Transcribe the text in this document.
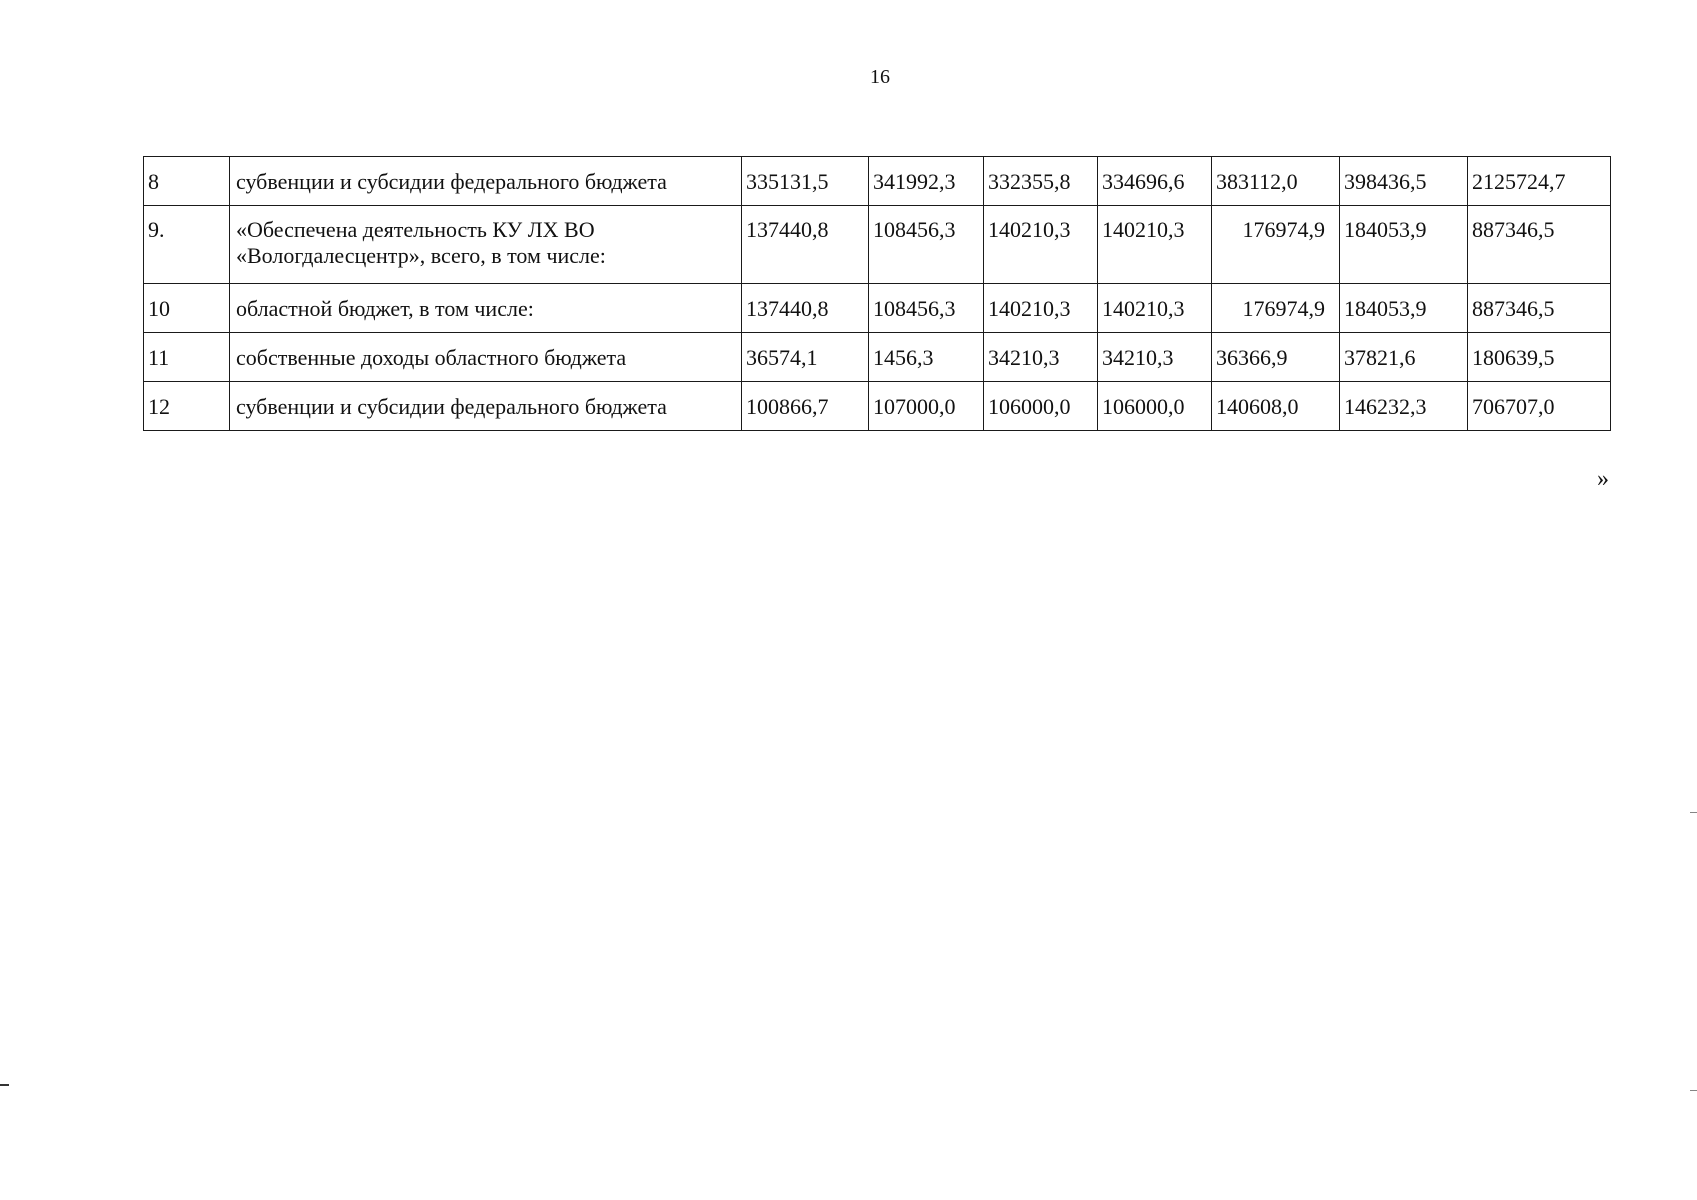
16
8	субвенции и субсидии федерального бюджета	335131,5	341992,3	332355,8	334696,6	383112,0	398436,5	2125724,7
9.	«Обеспечена деятельность КУ ЛХ ВО «Вологдалесцентр», всего, в том числе:	137440,8	108456,3	140210,3	140210,3	176974,9	184053,9	887346,5
10	областной бюджет, в том числе:	137440,8	108456,3	140210,3	140210,3	176974,9	184053,9	887346,5
11	собственные доходы областного бюджета	36574,1	1456,3	34210,3	34210,3	36366,9	37821,6	180639,5
12	субвенции и субсидии федерального бюджета	100866,7	107000,0	106000,0	106000,0	140608,0	146232,3	706707,0
»
